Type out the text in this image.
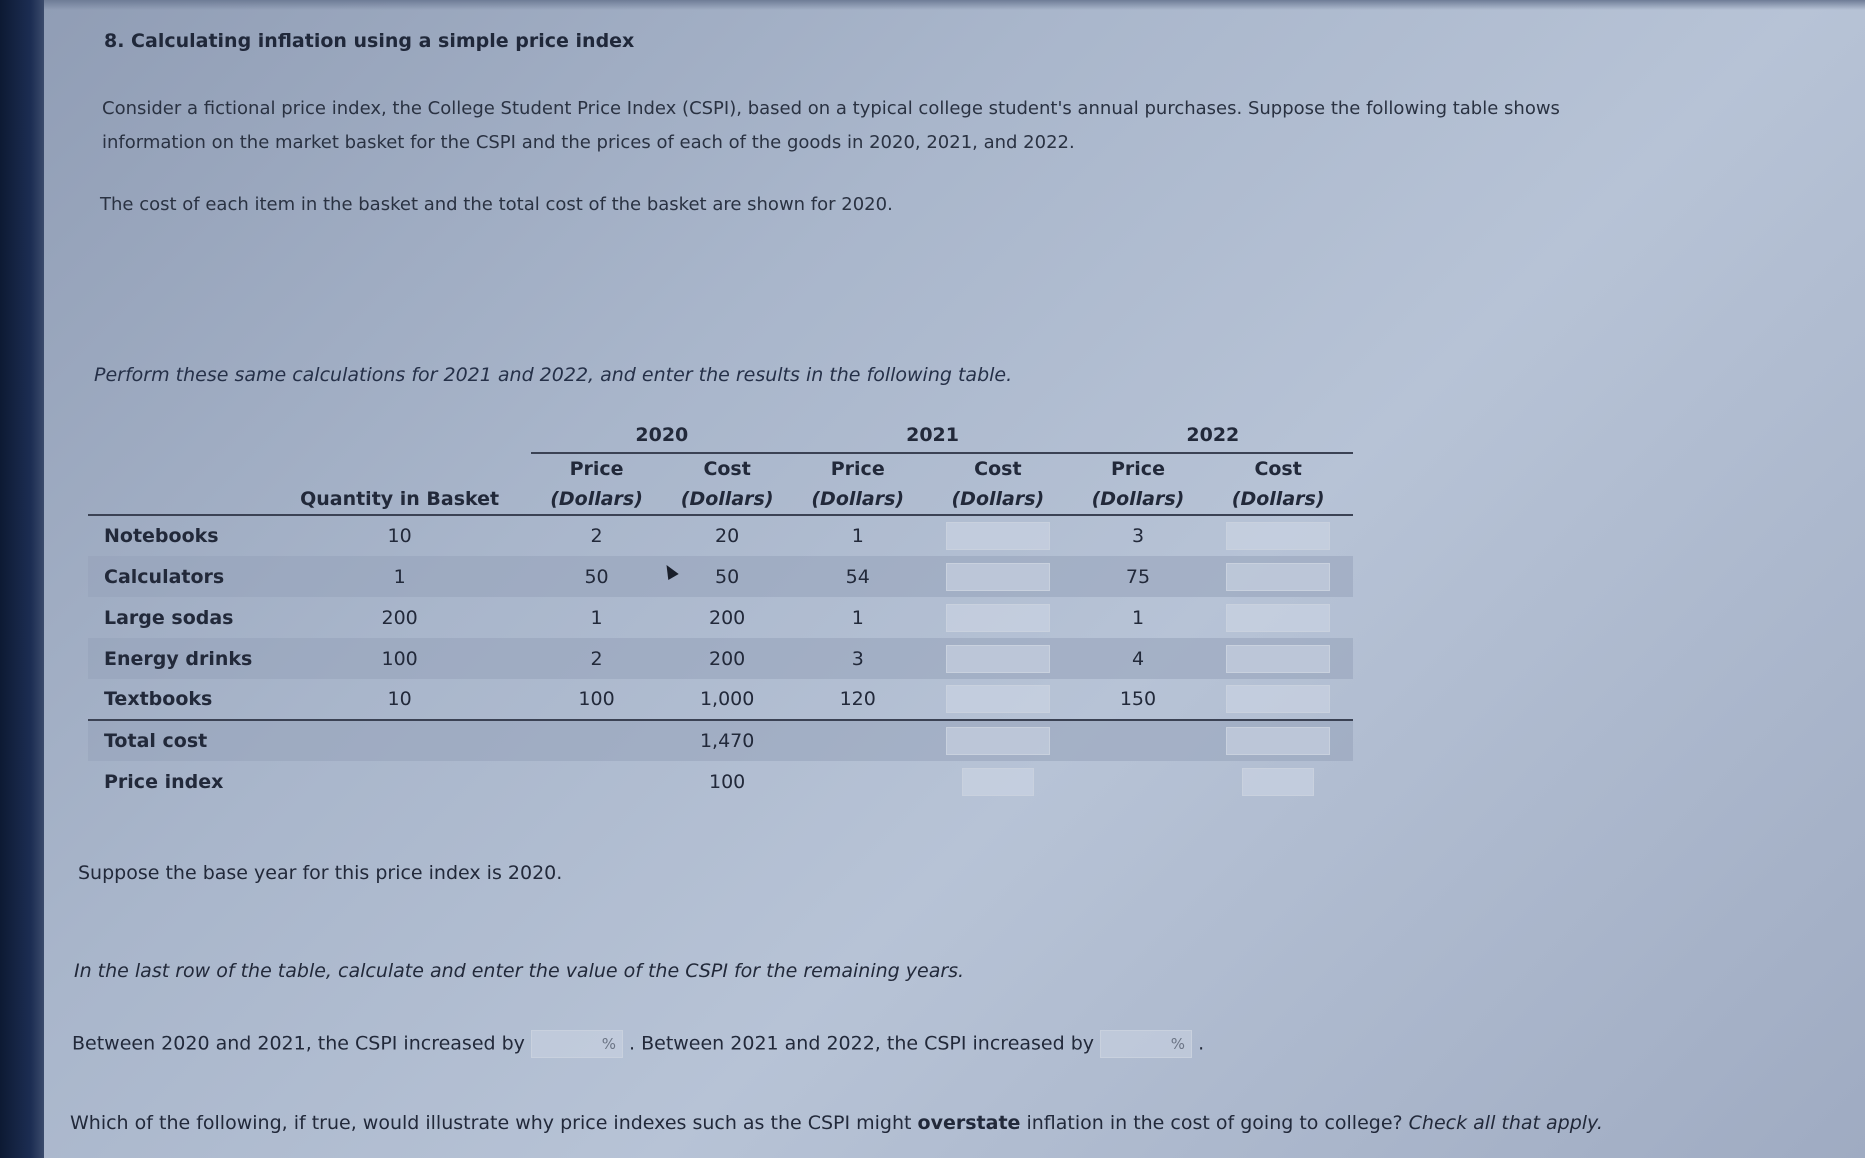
8. Calculating inflation using a simple price index
Consider a fictional price index, the College Student Price Index (CSPI), based on a typical college student's annual purchases. Suppose the following table shows information on the market basket for the CSPI and the prices of each of the goods in 2020, 2021, and 2022.
The cost of each item in the basket and the total cost of the basket are shown for 2020.
Perform these same calculations for 2021 and 2022, and enter the results in the following table.
		2020		2021		2022	
		Price	Cost	Price	Cost	Price	Cost
	Quantity in Basket	(Dollars)	(Dollars)	(Dollars)	(Dollars)	(Dollars)	(Dollars)
Notebooks	10	2	20	1		3	
Calculators	1	50	50	54		75	
Large sodas	200	1	200	1		1	
Energy drinks	100	2	200	3		4	
Textbooks	10	100	1,000	120		150	
Total cost			1,470				
Price index			100				
Suppose the base year for this price index is 2020.
In the last row of the table, calculate and enter the value of the CSPI for the remaining years.
Between 2020 and 2021, the CSPI increased by	% . Between 2021 and 2022, the CSPI increased by	% .
Which of the following, if true, would illustrate why price indexes such as the CSPI might overstate inflation in the cost of going to college? Check all that apply.
